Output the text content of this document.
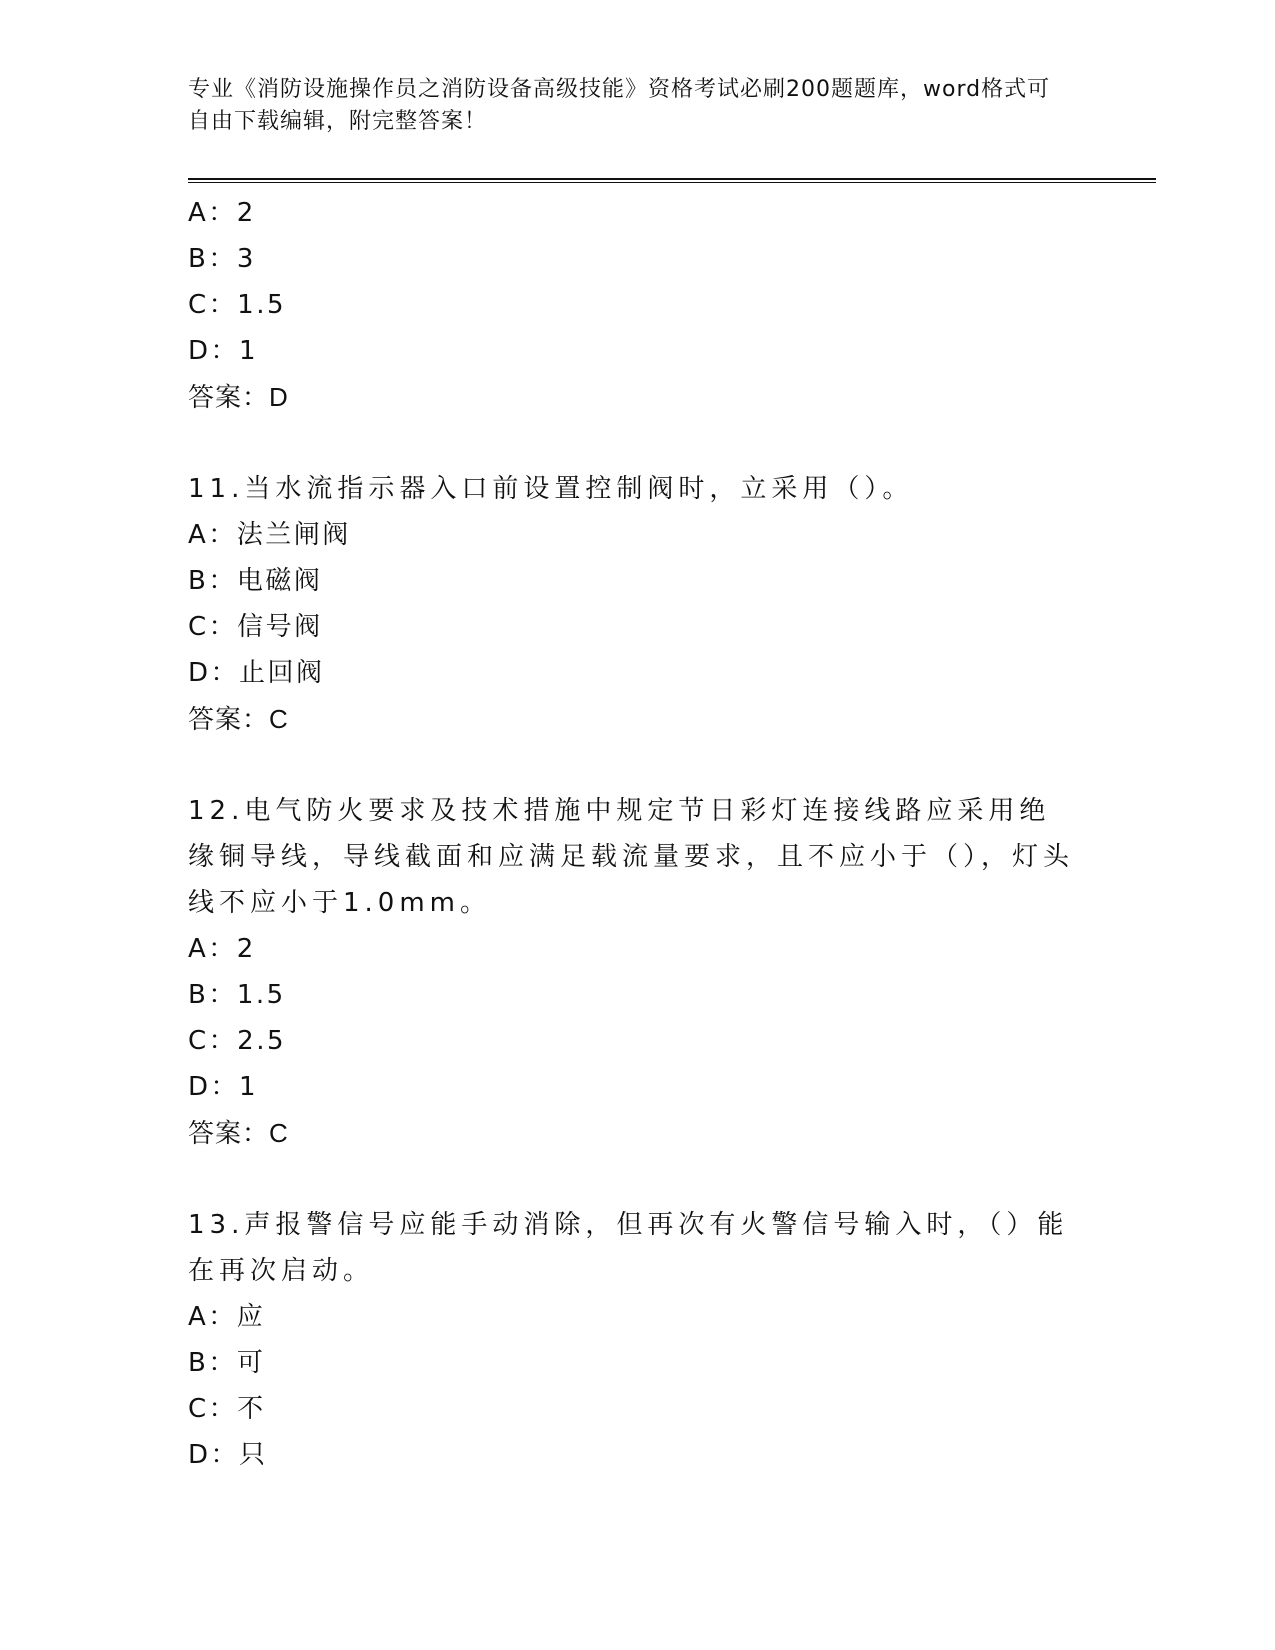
专业《消防设施操作员之消防设备高级技能》资格考试必刷200题题库，word格式可自由下载编辑，附完整答案！
A：2
B：3
C：1.5
D：1
答案：D
11.当水流指示器入口前设置控制阀时，立采用（）。
A：法兰闸阀
B：电磁阀
C：信号阀
D：止回阀
答案：C
12.电气防火要求及技术措施中规定节日彩灯连接线路应采用绝缘铜导线，导线截面和应满足载流量要求，且不应小于（），灯头线不应小于1.0mm。
A：2
B：1.5
C：2.5
D：1
答案：C
13.声报警信号应能手动消除，但再次有火警信号输入时，（）能在再次启动。
A：应
B：可
C：不
D：只
